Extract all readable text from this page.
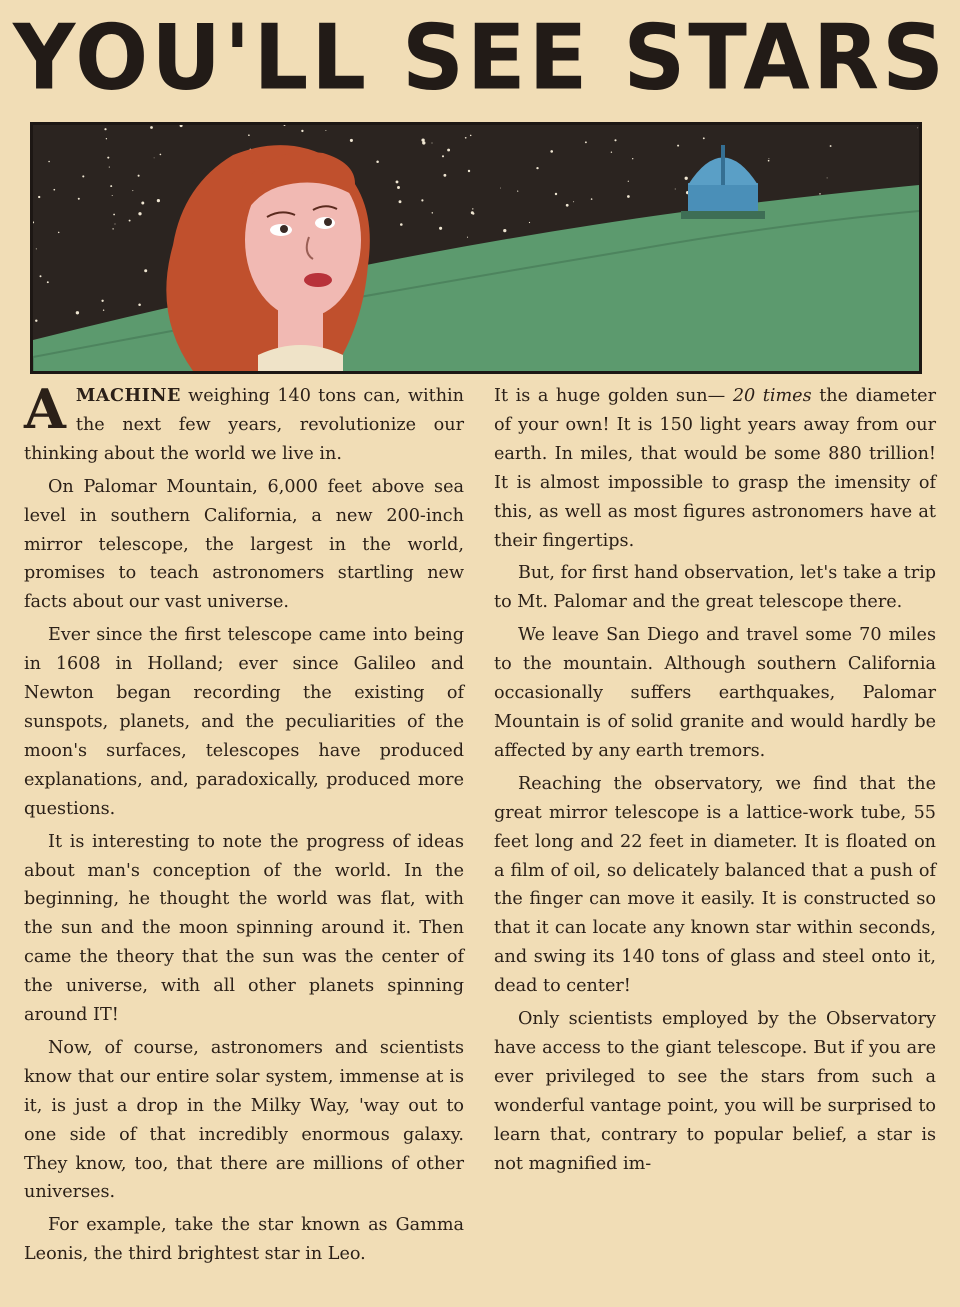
YOU'LL SEE STARS

AMACHINE weighing 140 tons can, within the next few years, revolutionize our thinking about the world we live in.

On Palomar Mountain, 6,000 feet above sea level in southern California, a new 200-inch mirror telescope, the largest in the world, promises to teach astronomers startling new facts about our vast universe.

Ever since the first telescope came into being in 1608 in Holland; ever since Galileo and Newton began recording the existing of sunspots, planets, and the peculiarities of the moon's surfaces, telescopes have produced explanations, and, paradoxically, produced more questions.

It is interesting to note the progress of ideas about man's conception of the world. In the beginning, he thought the world was flat, with the sun and the moon spinning around it. Then came the theory that the sun was the center of the universe, with all other planets spinning around IT!

Now, of course, astronomers and scientists know that our entire solar system, immense at is it, is just a drop in the Milky Way, 'way out to one side of that incredibly enormous galaxy. They know, too, that there are millions of other universes.

For example, take the star known as Gamma Leonis, the third brightest star in Leo.

It is a huge golden sun— 20 times the diameter of your own! It is 150 light years away from our earth. In miles, that would be some 880 trillion! It is almost impossible to grasp the imensity of this, as well as most figures astronomers have at their fingertips.

But, for first hand observation, let's take a trip to Mt. Palomar and the great telescope there.

We leave San Diego and travel some 70 miles to the mountain. Although southern California occasionally suffers earthquakes, Palomar Mountain is of solid granite and would hardly be affected by any earth tremors.

Reaching the observatory, we find that the great mirror telescope is a lattice-work tube, 55 feet long and 22 feet in diameter. It is floated on a film of oil, so delicately balanced that a push of the finger can move it easily. It is constructed so that it can locate any known star within seconds, and swing its 140 tons of glass and steel onto it, dead to center!

Only scientists employed by the Observatory have access to the giant telescope. But if you are ever privileged to see the stars from such a wonderful vantage point, you will be surprised to learn that, contrary to popular belief, a star is not magnified im-
